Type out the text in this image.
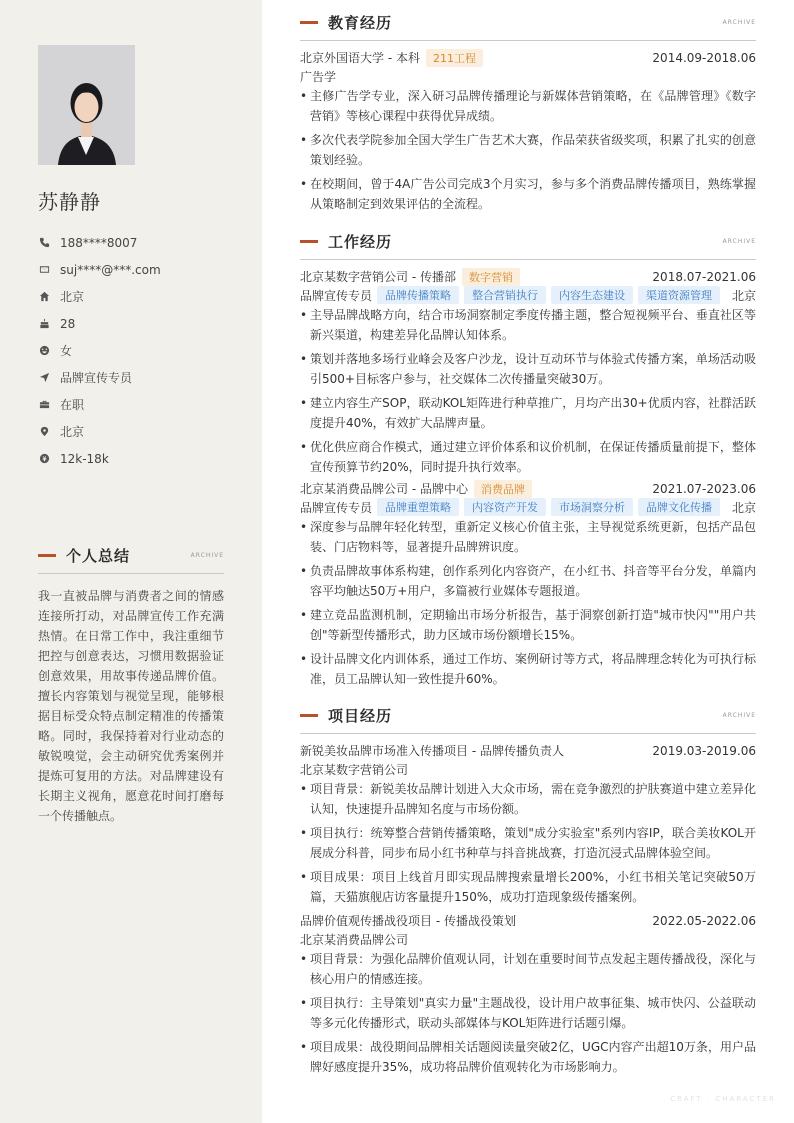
苏静静
188****8007
suj****@***.com
北京
28
女
品牌宣传专员
在职
北京
12k-18k
个人总结	ARCHIVE

我一直被品牌与消费者之间的情感连接所打动，对品牌宣传工作充满热情。在日常工作中，我注重细节把控与创意表达，习惯用数据验证创意效果，用故事传递品牌价值。擅长内容策划与视觉呈现，能够根据目标受众特点制定精准的传播策略。同时，我保持着对行业动态的敏锐嗅觉，会主动研究优秀案例并提炼可复用的方法。对品牌建设有长期主义视角，愿意花时间打磨每一个传播触点。

教育经历	ARCHIVE
北京外国语大学 - 本科	211工程	2014.09-2018.06
广告学
• 主修广告学专业，深入研习品牌传播理论与新媒体营销策略，在《品牌管理》《数字营销》等核心课程中获得优异成绩。
• 多次代表学院参加全国大学生广告艺术大赛，作品荣获省级奖项，积累了扎实的创意策划经验。
• 在校期间，曾于4A广告公司完成3个月实习，参与多个消费品牌传播项目，熟练掌握从策略制定到效果评估的全流程。
工作经历	ARCHIVE
北京某数字营销公司 - 传播部	数字营销	2018.07-2021.06
品牌宣传专员	品牌传播策略	整合营销执行	内容生态建设	渠道资源管理	北京
• 主导品牌战略方向，结合市场洞察制定季度传播主题，整合短视频平台、垂直社区等新兴渠道，构建差异化品牌认知体系。
• 策划并落地多场行业峰会及客户沙龙，设计互动环节与体验式传播方案，单场活动吸引500+目标客户参与，社交媒体二次传播量突破30万。
• 建立内容生产SOP，联动KOL矩阵进行种草推广，月均产出30+优质内容，社群活跃度提升40%，有效扩大品牌声量。
• 优化供应商合作模式，通过建立评价体系和议价机制，在保证传播质量前提下，整体宣传预算节约20%，同时提升执行效率。
北京某消费品牌公司 - 品牌中心	消费品牌	2021.07-2023.06
品牌宣传专员	品牌重塑策略	内容资产开发	市场洞察分析	品牌文化传播	北京
• 深度参与品牌年轻化转型，重新定义核心价值主张，主导视觉系统更新，包括产品包装、门店物料等，显著提升品牌辨识度。
• 负责品牌故事体系构建，创作系列化内容资产，在小红书、抖音等平台分发，单篇内容平均触达50万+用户，多篇被行业媒体专题报道。
• 建立竞品监测机制，定期输出市场分析报告，基于洞察创新打造"城市快闪""用户共创"等新型传播形式，助力区域市场份额增长15%。
• 设计品牌文化内训体系，通过工作坊、案例研讨等方式，将品牌理念转化为可执行标准，员工品牌认知一致性提升60%。
项目经历	ARCHIVE
新锐美妆品牌市场准入传播项目 - 品牌传播负责人	2019.03-2019.06
北京某数字营销公司
• 项目背景：新锐美妆品牌计划进入大众市场，需在竞争激烈的护肤赛道中建立差异化认知，快速提升品牌知名度与市场份额。
• 项目执行：统筹整合营销传播策略，策划"成分实验室"系列内容IP，联合美妆KOL开展成分科普，同步布局小红书种草与抖音挑战赛，打造沉浸式品牌体验空间。
• 项目成果：项目上线首月即实现品牌搜索量增长200%，小红书相关笔记突破50万篇，天猫旗舰店访客量提升150%，成功打造现象级传播案例。
品牌价值观传播战役项目 - 传播战役策划	2022.05-2022.06
北京某消费品牌公司
• 项目背景：为强化品牌价值观认同，计划在重要时间节点发起主题传播战役，深化与核心用户的情感连接。
• 项目执行：主导策划"真实力量"主题战役，设计用户故事征集、城市快闪、公益联动等多元化传播形式，联动头部媒体与KOL矩阵进行话题引爆。
• 项目成果：战役期间品牌相关话题阅读量突破2亿，UGC内容产出超10万条，用户品牌好感度提升35%，成功将品牌价值观转化为市场影响力。
CRAFT · CHARACTER
